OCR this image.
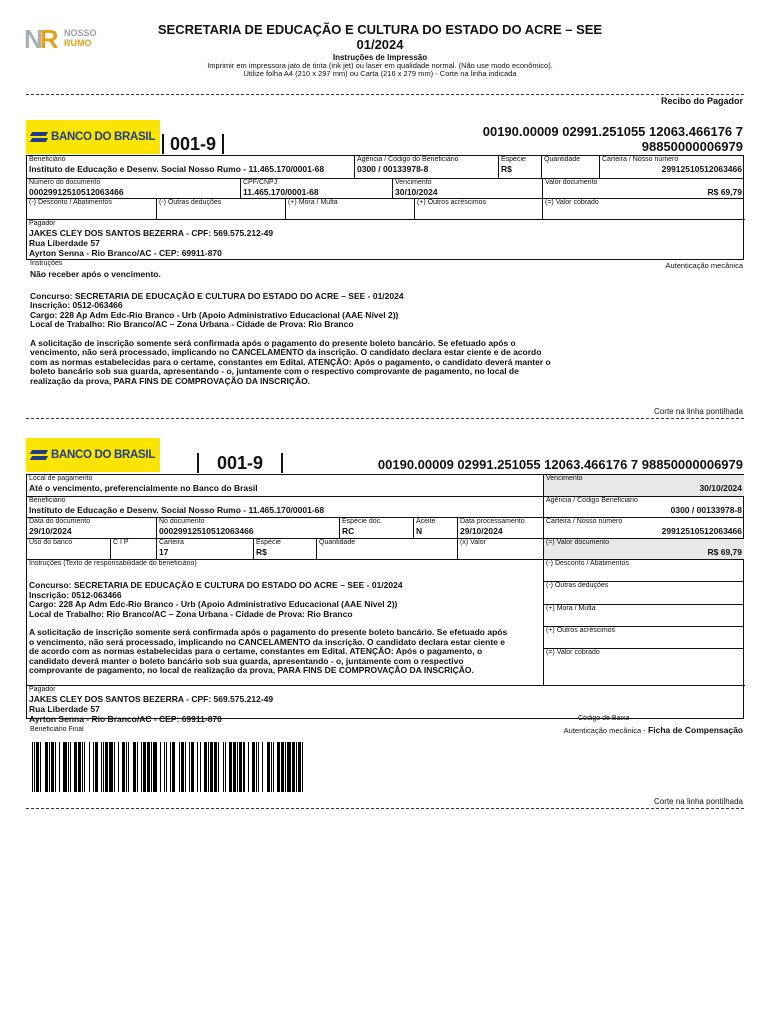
NR NOSSO
RUMO
SECRETARIA DE EDUCAÇÃO E CULTURA DO ESTADO DO ACRE – SEE
01/2024
Instruções de Impressão
Imprimir em impressora jato de tinta (ink jet) ou laser em qualidade normal. (Não use modo econômico).
Utilize folha A4 (210 x 297 mm) ou Carta (216 x 279 mm) - Corte na linha indicada
Recibo do Pagador
BANCO DO BRASIL 001-9
00190.00009 02991.251055 12063.466176 7
98850000006979
Beneficiário
Instituto de Educação e Desenv. Social Nosso Rumo - 11.465.170/0001-68
Agência / Código do Beneficiário
0300 / 00133978-8
Espécie
R$
Quantidade	Carteira / Nosso número
29912510512063466
Número do documento
00029912510512063466
CPF/CNPJ
11.465.170/0001-68
Vencimento
30/10/2024
Valor documento
R$ 69,79
(-) Desconto / Abatimentos	(-) Outras deduções	(+) Mora / Multa	(+) Outros acréscimos	(=) Valor cobrado
Pagador
JAKES CLEY DOS SANTOS BEZERRA - CPF: 569.575.212-49
Rua Liberdade 57
Ayrton Senna - Rio Branco/AC - CEP: 69911-870
Instruções	Autenticação mecânica

Não receber após o vencimento.

Concurso: SECRETARIA DE EDUCAÇÃO E CULTURA DO ESTADO DO ACRE – SEE - 01/2024

Inscrição: 0512-063466

Cargo: 228 Ap Adm Edc-Rio Branco - Urb (Apoio Administrativo Educacional (AAE Nível 2))

Local de Trabalho: Rio Branco/AC – Zona Urbana - Cidade de Prova: Rio Branco

A solicitação de inscrição somente será confirmada após o pagamento do presente boleto bancário. Se efetuado após o

vencimento, não será processado, implicando no CANCELAMENTO da inscrição. O candidato declara estar ciente e de acordo

com as normas estabelecidas para o certame, constantes em Edital. ATENÇÃO: Após o pagamento, o candidato deverá manter o

boleto bancário sob sua guarda, apresentando - o, juntamente com o respectivo comprovante de pagamento, no local de

realização da prova, PARA FINS DE COMPROVAÇÃO DA INSCRIÇÃO.

Corte na linha pontilhada
BANCO DO BRASIL	001-9	00190.00009 02991.251055 12063.466176 7 98850000006979
Local de pagamento
Até o vencimento, preferencialmente no Banco do Brasil
Vencimento
30/10/2024
Beneficiário
Instituto de Educação e Desenv. Social Nosso Rumo - 11.465.170/0001-68
Agência / Código Beneficiário
0300 / 00133978-8
Data do documento
29/10/2024
No documento
00029912510512063466
Espécie doc.
RC
Aceite
N
Data processamento
29/10/2024
Carteira / Nosso número
29912510512063466
Uso do banco	C I P	Carteira
17
Espécie
R$
Quantidade	(x) Valor	(=) Valor documento
R$ 69,79
Instruções (Texto de responsabilidade do beneficiário)

Concurso: SECRETARIA DE EDUCAÇÃO E CULTURA DO ESTADO DO ACRE – SEE - 01/2024

Inscrição: 0512-063466

Cargo: 228 Ap Adm Edc-Rio Branco - Urb (Apoio Administrativo Educacional (AAE Nível 2))

Local de Trabalho: Rio Branco/AC – Zona Urbana - Cidade de Prova: Rio Branco

A solicitação de inscrição somente será confirmada após o pagamento do presente boleto bancário. Se efetuado após

o vencimento, não será processado, implicando no CANCELAMENTO da inscrição. O candidato declara estar ciente e

de acordo com as normas estabelecidas para o certame, constantes em Edital. ATENÇÃO: Após o pagamento, o

candidato deverá manter o boleto bancário sob sua guarda, apresentando - o, juntamente com o respectivo

comprovante de pagamento, no local de realização da prova, PARA FINS DE COMPROVAÇÃO DA INSCRIÇÃO.

(-) Desconto / Abatimentos
(-) Outras deduções
(+) Mora / Multa
(+) Outros acréscimos
(=) Valor cobrado
Pagador
JAKES CLEY DOS SANTOS BEZERRA - CPF: 569.575.212-49
Rua Liberdade 57
Ayrton Senna - Rio Branco/AC - CEP: 69911-870	Código de Baixa
Beneficiário Final	Autenticação mecânica - Ficha de Compensação
Corte na linha pontilhada
